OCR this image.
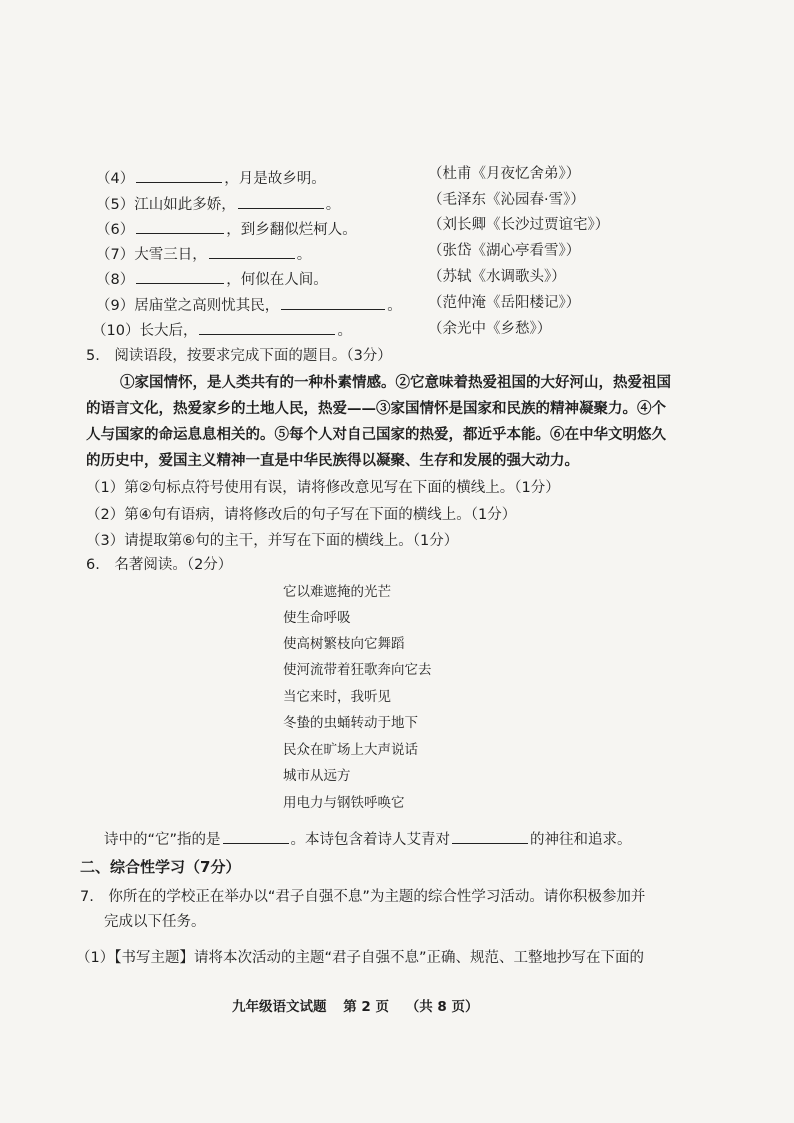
（4）	，月是故乡明。	（杜甫《月夜忆舍弟》）
（5）江山如此多娇，	。	（毛泽东《沁园春·雪》）
（6）	，到乡翻似烂柯人。	（刘长卿《长沙过贾谊宅》）
（7）大雪三日，	。	（张岱《湖心亭看雪》）
（8）	，何似在人间。	（苏轼《水调歌头》）
（9）居庙堂之高则忧其民，	。 （范仲淹《岳阳楼记》）
（10）长大后，	。	（余光中《乡愁》）
5.　阅读语段，按要求完成下面的题目。（3分）
①家国情怀，是人类共有的一种朴素情感。②它意味着热爱祖国的大好河山，热爱祖国
的语言文化，热爱家乡的土地人民，热爱——③家国情怀是国家和民族的精神凝聚力。④个
人与国家的命运息息相关的。⑤每个人对自己国家的热爱，都近乎本能。⑥在中华文明悠久
的历史中，爱国主义精神一直是中华民族得以凝聚、生存和发展的强大动力。
（1）第②句标点符号使用有误，请将修改意见写在下面的横线上。（1分）
（2）第④句有语病，请将修改后的句子写在下面的横线上。（1分）
（3）请提取第⑥句的主干，并写在下面的横线上。（1分）
6.　名著阅读。（2分）
它以难遮掩的光芒
使生命呼吸
使高树繁枝向它舞蹈
使河流带着狂歌奔向它去
当它来时，我听见
冬蛰的虫蛹转动于地下
民众在旷场上大声说话
城市从远方
用电力与钢铁呼唤它
诗中的“它”指的是	。本诗包含着诗人艾青对	的神往和追求。
二、综合性学习（7分）
7.　你所在的学校正在举办以“君子自强不息”为主题的综合性学习活动。请你积极参加并
完成以下任务。
（1）【书写主题】请将本次活动的主题“君子自强不息”正确、规范、工整地抄写在下面的
九年级语文试题 第 2 页 （共 8 页）
